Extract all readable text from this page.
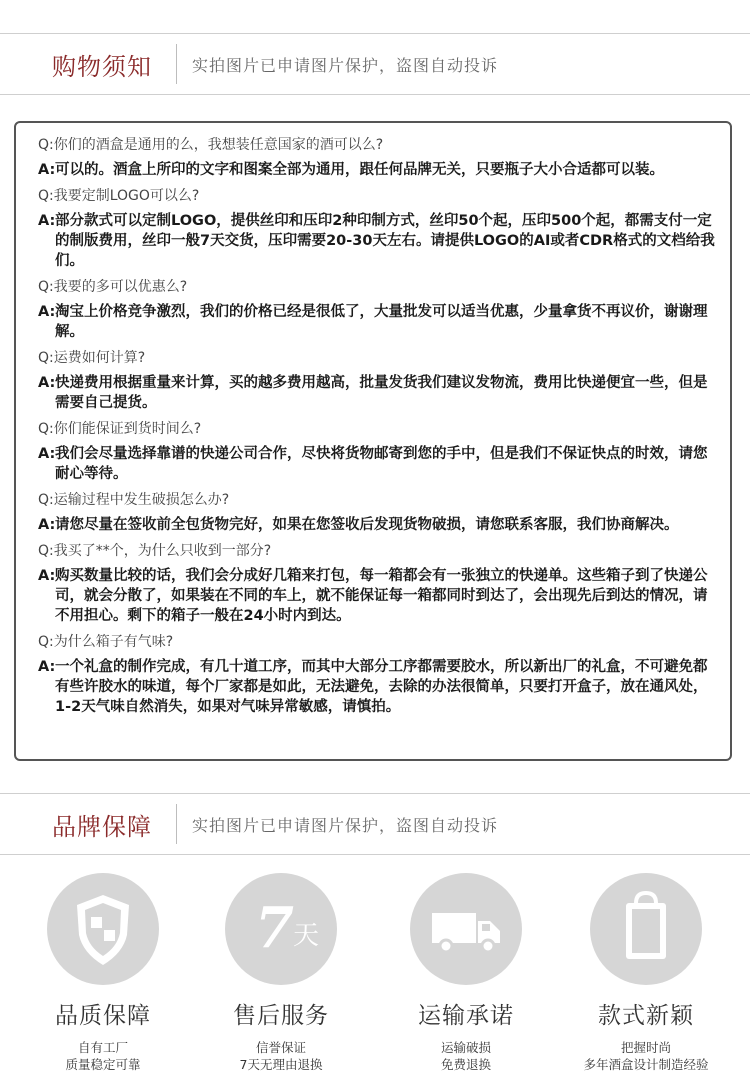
购物须知	实拍图片已申请图片保护，盗图自动投诉
Q:你们的酒盒是通用的么，我想装任意国家的酒可以么?
A: 可以的。酒盒上所印的文字和图案全部为通用，跟任何品牌无关，只要瓶子大小合适都可以装。
Q:我要定制LOGO可以么?
A: 部分款式可以定制LOGO，提供丝印和压印2种印制方式，丝印50个起，压印500个起，都需支付一定的制版费用，丝印一般7天交货，压印需要20-30天左右。请提供LOGO的AI或者CDR格式的文档给我们。
Q:我要的多可以优惠么?
A: 淘宝上价格竞争激烈，我们的价格已经是很低了，大量批发可以适当优惠，少量拿货不再议价，谢谢理解。
Q:运费如何计算?
A: 快递费用根据重量来计算，买的越多费用越高，批量发货我们建议发物流，费用比快递便宜一些，但是需要自己提货。
Q:你们能保证到货时间么?
A: 我们会尽量选择靠谱的快递公司合作，尽快将货物邮寄到您的手中，但是我们不保证快点的时效，请您耐心等待。
Q:运输过程中发生破损怎么办?
A: 请您尽量在签收前全包货物完好，如果在您签收后发现货物破损，请您联系客服，我们协商解决。
Q:我买了**个，为什么只收到一部分?
A: 购买数量比较的话，我们会分成好几箱来打包，每一箱都会有一张独立的快递单。这些箱子到了快递公司，就会分散了，如果装在不同的车上，就不能保证每一箱都同时到达了，会出现先后到达的情况，请不用担心。剩下的箱子一般在24小时内到达。
Q:为什么箱子有气味?
A: 一个礼盒的制作完成，有几十道工序，而其中大部分工序都需要胶水，所以新出厂的礼盒，不可避免都有些许胶水的味道，每个厂家都是如此，无法避免，去除的办法很简单，只要打开盒子，放在通风处，1-2天气味自然消失，如果对气味异常敏感，请慎拍。
品牌保障	实拍图片已申请图片保护，盗图自动投诉
品质保障
自有工厂
质量稳定可靠
7 天
售后服务
信誉保证
7天无理由退换
运输承诺
运输破损
免费退换
款式新颖
把握时尚
多年酒盒设计制造经验
